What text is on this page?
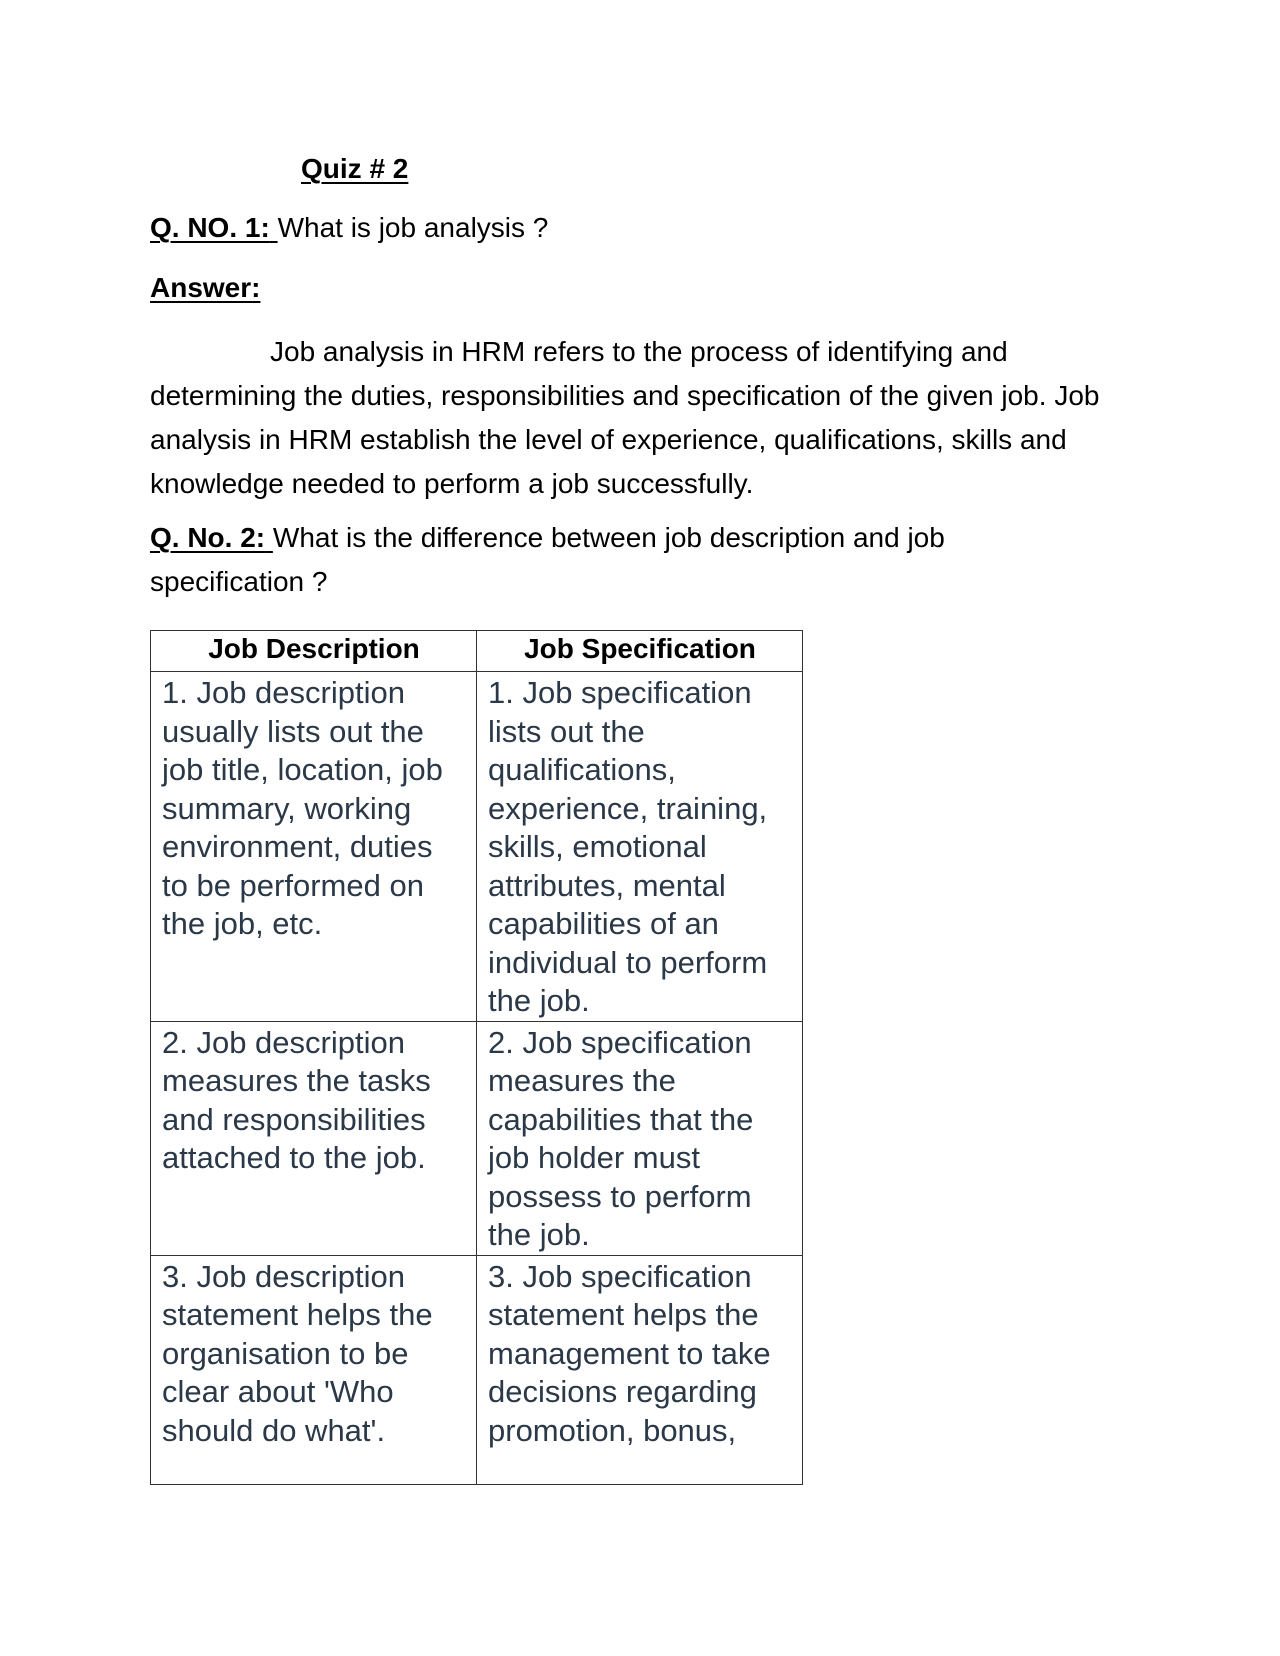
Quiz # 2
Q. NO. 1: What is job analysis ?
Answer:

Job analysis in HRM refers to the process of identifying and determining the duties, responsibilities and specification of the given job. Job analysis in HRM establish the level of experience, qualifications, skills and knowledge needed to perform a job successfully.

Q. No. 2: What is the difference between job description and job specification ?
Job Description	Job Specification
1. Job description usually lists out the job title, location, job summary, working environment, duties to be performed on the job, etc.	1. Job specification lists out the qualifications, experience, training, skills, emotional attributes, mental capabilities of an individual to perform the job.
2. Job description measures the tasks and responsibilities attached to the job.	2. Job specification measures the capabilities that the job holder must possess to perform the job.
3. Job description statement helps the organisation to be clear about 'Who should do what'.	3. Job specification statement helps the management to take decisions regarding promotion, bonus,
